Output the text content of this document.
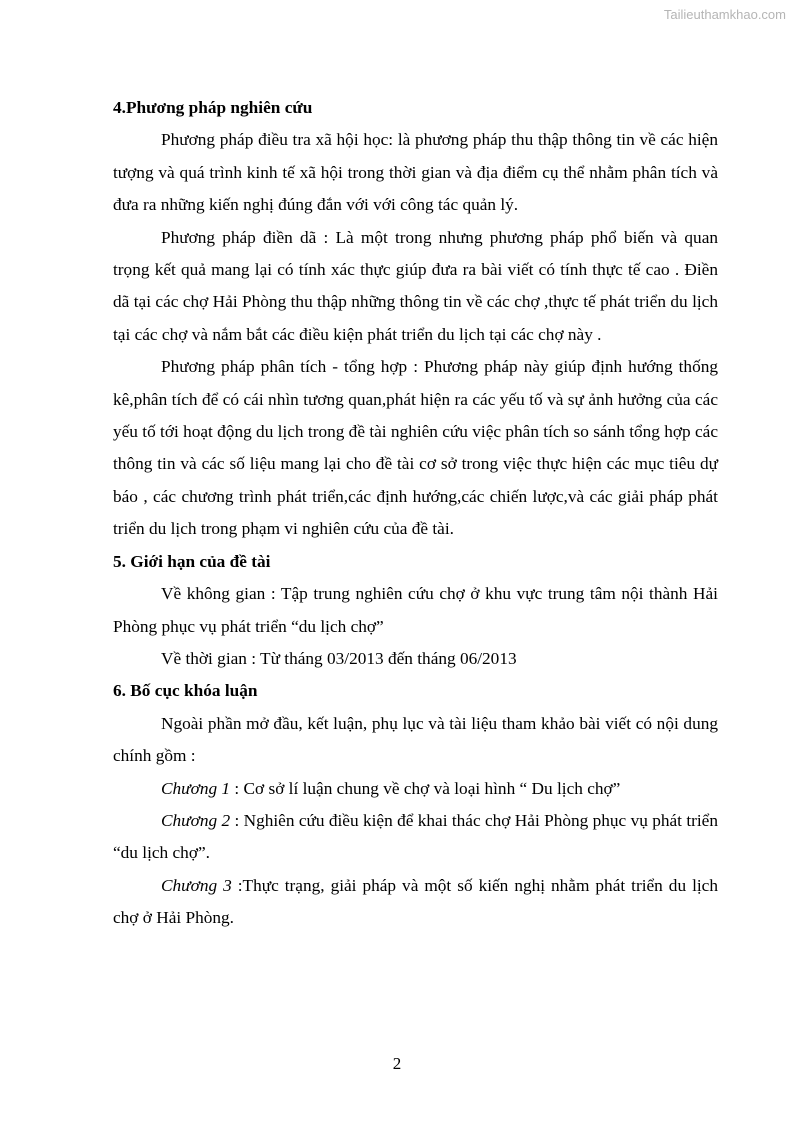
Tailieuthamkhao.com

4.Phương pháp nghiên cứu

Phương pháp điều tra xã hội học: là phương pháp thu thập thông tin về các hiện tượng và quá trình kinh tế xã hội trong thời gian và địa điểm cụ thể nhằm phân tích và đưa ra những kiến nghị đúng đắn với với công tác quản lý.

Phương pháp điền dã : Là một trong nhưng phương pháp phổ biến và quan trọng kết quả mang lại có tính xác thực giúp đưa ra bài viết có tính thực tế cao . Điền dã tại các chợ Hải Phòng thu thập những thông tin về các chợ ,thực tế phát triển du lịch tại các chợ và nắm bắt các điều kiện phát triển du lịch tại các chợ này .

Phương pháp phân tích - tổng hợp : Phương pháp này giúp định hướng thống kê,phân tích để có cái nhìn tương quan,phát hiện ra các yếu tố và sự ảnh hưởng của các yếu tố tới hoạt động du lịch trong đề tài nghiên cứu việc phân tích so sánh tổng hợp các thông tin và các số liệu mang lại cho đề tài cơ sở trong việc thực hiện các mục tiêu dự báo , các chương trình phát triển,các định hướng,các chiến lược,và các giải pháp phát triển du lịch trong phạm vi nghiên cứu của đề tài.

5. Giới hạn của đề tài

Về không gian : Tập trung nghiên cứu chợ ở khu vực trung tâm nội thành Hải Phòng phục vụ phát triển “du lịch chợ”

Về thời gian : Từ tháng 03/2013 đến tháng 06/2013

6. Bố cục khóa luận

Ngoài phần mở đầu, kết luận, phụ lục và tài liệu tham khảo bài viết có nội dung chính gồm :

Chương 1 : Cơ sở lí luận chung về chợ và loại hình “ Du lịch chợ”

Chương 2 : Nghiên cứu điều kiện để khai thác chợ Hải Phòng phục vụ phát triển “du lịch chợ”.

Chương 3 :Thực trạng, giải pháp và một số kiến nghị nhằm phát triển du lịch chợ ở Hải Phòng.

2
